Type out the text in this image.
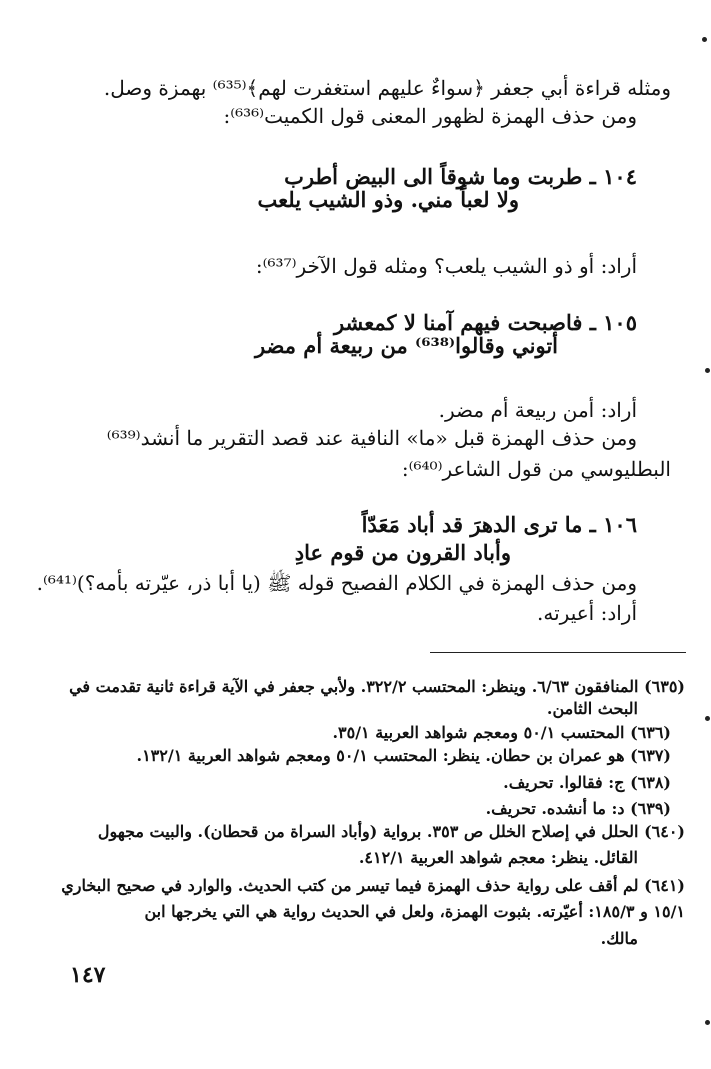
ومثله قراءة أبي جعفر ﴿سواءٌ عليهم استغفرت لهم﴾⁽⁶³⁵⁾ بهمزة وصل.
ومن حذف الهمزة لظهور المعنى قول الكميت⁽⁶³⁶⁾:
١٠٤ ـ طربت وما شوقاً الى البيض أطرب
ولا لعباً مني. وذو الشيب يلعب
أراد: أو ذو الشيب يلعب؟ ومثله قول الآخر⁽⁶³⁷⁾:
١٠٥ ـ فاصبحت فيهم آمنا لا كمعشر
أتوني وقالوا⁽⁶³⁸⁾ من ربيعة أم مضر
أراد: أمن ربيعة أم مضر.
ومن حذف الهمزة قبل «ما» النافية عند قصد التقرير ما أنشد⁽⁶³⁹⁾
البطليوسي من قول الشاعر⁽⁶⁴⁰⁾:
١٠٦ ـ ما ترى الدهرَ قد أباد مَعَدّاً
وأباد القرون من قوم عادِ
ومن حذف الهمزة في الكلام الفصيح قوله ﷺ (يا أبا ذر، عيّرته بأمه؟)⁽⁶⁴¹⁾.
أراد: أعيرته.
(٦٣٥) المنافقون ٦/٦٣. وينظر: المحتسب ٣٢٢/٢. ولأبي جعفر في الآية قراءة ثانية تقدمت في
البحث الثامن.
(٦٣٦) المحتسب ٥٠/١ ومعجم شواهد العربية ٣٥/١.
(٦٣٧) هو عمران بن حطان. ينظر: المحتسب ٥٠/١ ومعجم شواهد العربية ١٣٢/١.
(٦٣٨) ج: فقالوا. تحريف.
(٦٣٩) د: ما أنشده. تحريف.
(٦٤٠) الحلل في إصلاح الخلل ص ٣٥٣. برواية (وأباد السراة من قحطان). والبيت مجهول
القائل. ينظر: معجم شواهد العربية ٤١٢/١.
(٦٤١) لم أقف على رواية حذف الهمزة فيما تيسر من كتب الحديث. والوارد في صحيح البخاري
١٥/١ و ١٨٥/٣: أعيّرته. بثبوت الهمزة، ولعل في الحديث رواية هي التي يخرجها ابن
مالك.
١٤٧
